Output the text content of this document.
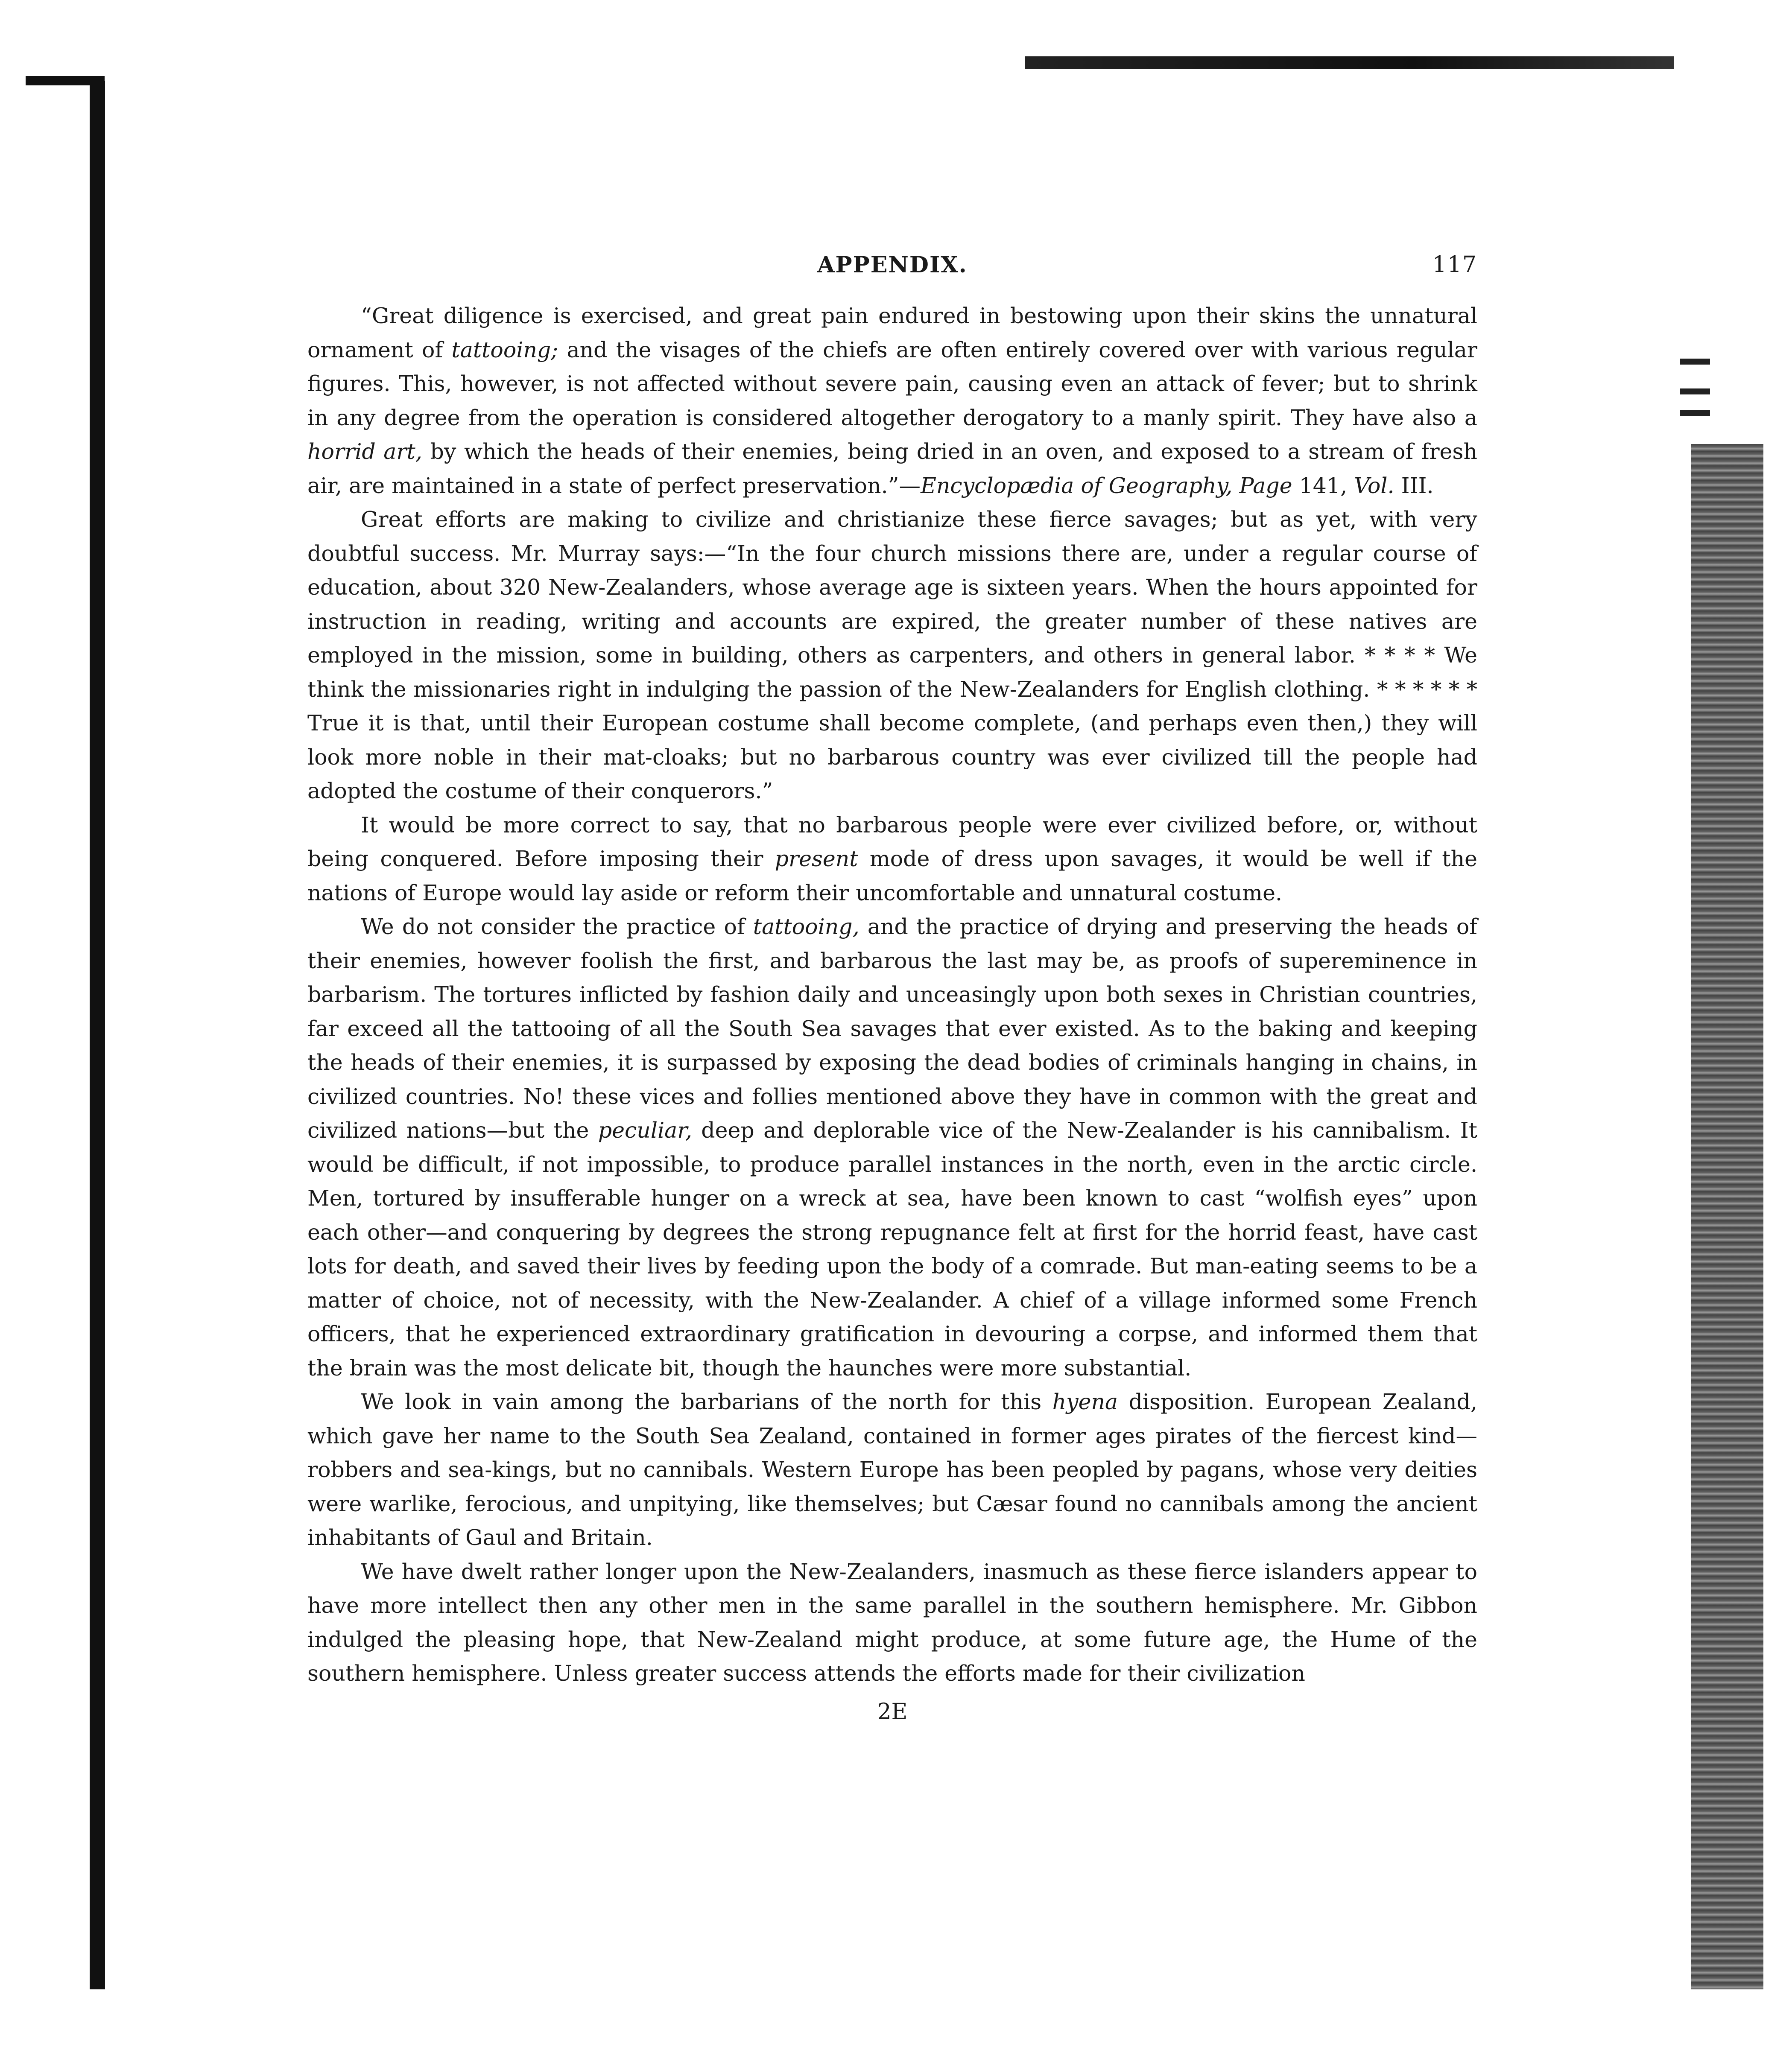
APPENDIX.	117

“Great diligence is exercised, and great pain endured in bestowing upon their skins the unnatural ornament of tattooing; and the visages of the chiefs are often entirely covered over with various regular figures. This, however, is not affected without severe pain, causing even an attack of fever; but to shrink in any degree from the operation is considered altogether derogatory to a manly spirit. They have also a horrid art, by which the heads of their enemies, being dried in an oven, and exposed to a stream of fresh air, are maintained in a state of perfect preservation.”—Encyclopædia of Geography, Page 141, Vol. III.

Great efforts are making to civilize and christianize these fierce savages; but as yet, with very doubtful success. Mr. Murray says:—“In the four church missions there are, under a regular course of education, about 320 New-Zealanders, whose average age is sixteen years. When the hours appointed for instruction in reading, writing and accounts are expired, the greater number of these natives are employed in the mission, some in building, others as carpenters, and others in general labor. * * * * We think the missionaries right in indulging the passion of the New-Zealanders for English clothing. * * * * * * True it is that, until their European costume shall become complete, (and perhaps even then,) they will look more noble in their mat-cloaks; but no barbarous country was ever civilized till the people had adopted the costume of their conquerors.”

It would be more correct to say, that no barbarous people were ever civilized before, or, without being conquered. Before imposing their present mode of dress upon savages, it would be well if the nations of Europe would lay aside or reform their uncomfortable and unnatural costume.

We do not consider the practice of tattooing, and the practice of drying and preserving the heads of their enemies, however foolish the first, and barbarous the last may be, as proofs of supereminence in barbarism. The tortures inflicted by fashion daily and unceasingly upon both sexes in Christian countries, far exceed all the tattooing of all the South Sea savages that ever existed. As to the baking and keeping the heads of their enemies, it is surpassed by exposing the dead bodies of criminals hanging in chains, in civilized countries. No! these vices and follies mentioned above they have in common with the great and civilized nations—but the peculiar, deep and deplorable vice of the New-Zealander is his cannibalism. It would be difficult, if not impossible, to produce parallel instances in the north, even in the arctic circle. Men, tortured by insufferable hunger on a wreck at sea, have been known to cast “wolfish eyes” upon each other—and conquering by degrees the strong repugnance felt at first for the horrid feast, have cast lots for death, and saved their lives by feeding upon the body of a comrade. But man-eating seems to be a matter of choice, not of necessity, with the New-Zealander. A chief of a village informed some French officers, that he experienced extraordinary gratification in devouring a corpse, and informed them that the brain was the most delicate bit, though the haunches were more substantial.

We look in vain among the barbarians of the north for this hyena disposition. European Zealand, which gave her name to the South Sea Zealand, contained in former ages pirates of the fiercest kind—robbers and sea-kings, but no cannibals. Western Europe has been peopled by pagans, whose very deities were warlike, ferocious, and unpitying, like themselves; but Cæsar found no cannibals among the ancient inhabitants of Gaul and Britain.

We have dwelt rather longer upon the New-Zealanders, inasmuch as these fierce islanders appear to have more intellect then any other men in the same parallel in the southern hemisphere. Mr. Gibbon indulged the pleasing hope, that New-Zealand might produce, at some future age, the Hume of the southern hemisphere. Unless greater success attends the efforts made for their civilization

2E
